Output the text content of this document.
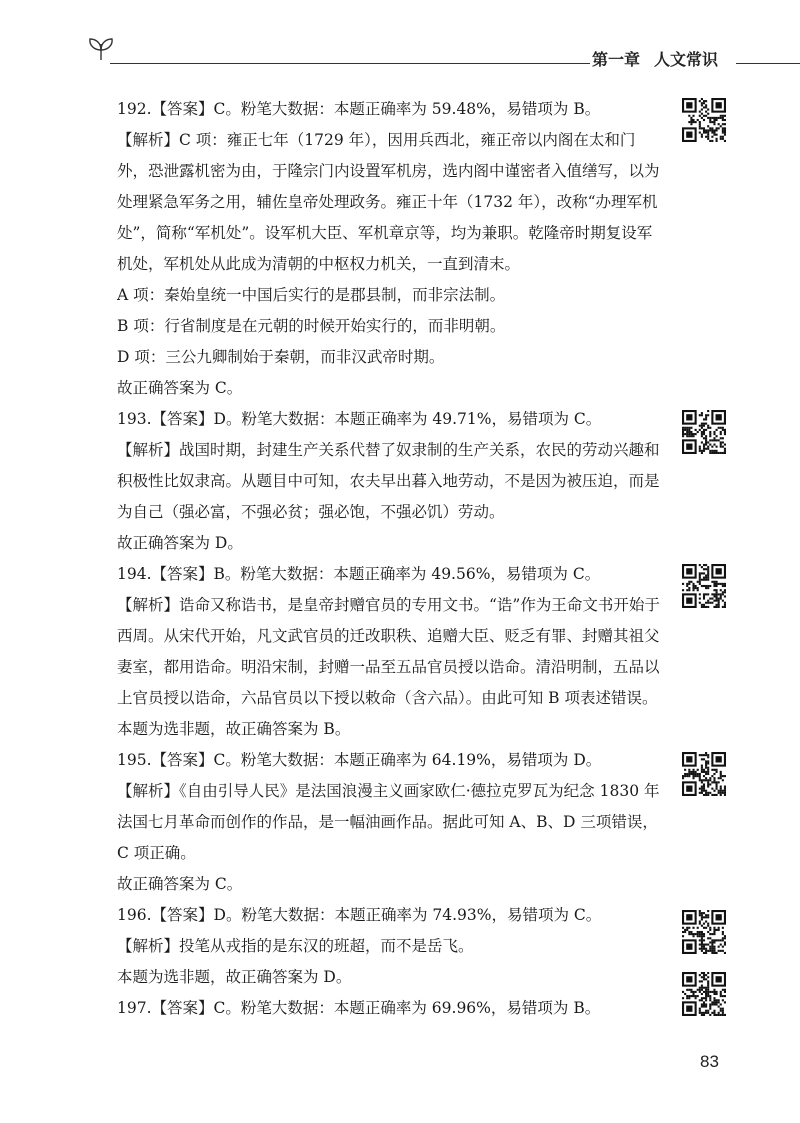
第一章 人文常识

192.【答案】C。粉笔大数据：本题正确率为 59.48%，易错项为 B。

【解析】C 项：雍正七年（1729 年），因用兵西北，雍正帝以内阁在太和门外，恐泄露机密为由，于隆宗门内设置军机房，选内阁中谨密者入值缮写，以为处理紧急军务之用，辅佐皇帝处理政务。雍正十年（1732 年），改称“办理军机处”，简称“军机处”。设军机大臣、军机章京等，均为兼职。乾隆帝时期复设军机处，军机处从此成为清朝的中枢权力机关，一直到清末。

A 项：秦始皇统一中国后实行的是郡县制，而非宗法制。

B 项：行省制度是在元朝的时候开始实行的，而非明朝。

D 项：三公九卿制始于秦朝，而非汉武帝时期。

故正确答案为 C。

193.【答案】D。粉笔大数据：本题正确率为 49.71%，易错项为 C。

【解析】战国时期，封建生产关系代替了奴隶制的生产关系，农民的劳动兴趣和积极性比奴隶高。从题目中可知，农夫早出暮入地劳动，不是因为被压迫，而是为自己（强必富，不强必贫；强必饱，不强必饥）劳动。

故正确答案为 D。

194.【答案】B。粉笔大数据：本题正确率为 49.56%，易错项为 C。

【解析】诰命又称诰书，是皇帝封赠官员的专用文书。“诰”作为王命文书开始于西周。从宋代开始，凡文武官员的迁改职秩、追赠大臣、贬乏有罪、封赠其祖父妻室，都用诰命。明沿宋制，封赠一品至五品官员授以诰命。清沿明制，五品以上官员授以诰命，六品官员以下授以敕命（含六品）。由此可知 B 项表述错误。

本题为选非题，故正确答案为 B。

195.【答案】C。粉笔大数据：本题正确率为 64.19%，易错项为 D。

【解析】《自由引导人民》是法国浪漫主义画家欧仁·德拉克罗瓦为纪念 1830 年法国七月革命而创作的作品，是一幅油画作品。据此可知 A、B、D 三项错误，C 项正确。

故正确答案为 C。

196.【答案】D。粉笔大数据：本题正确率为 74.93%，易错项为 C。

【解析】投笔从戎指的是东汉的班超，而不是岳飞。

本题为选非题，故正确答案为 D。

197.【答案】C。粉笔大数据：本题正确率为 69.96%，易错项为 B。

83
